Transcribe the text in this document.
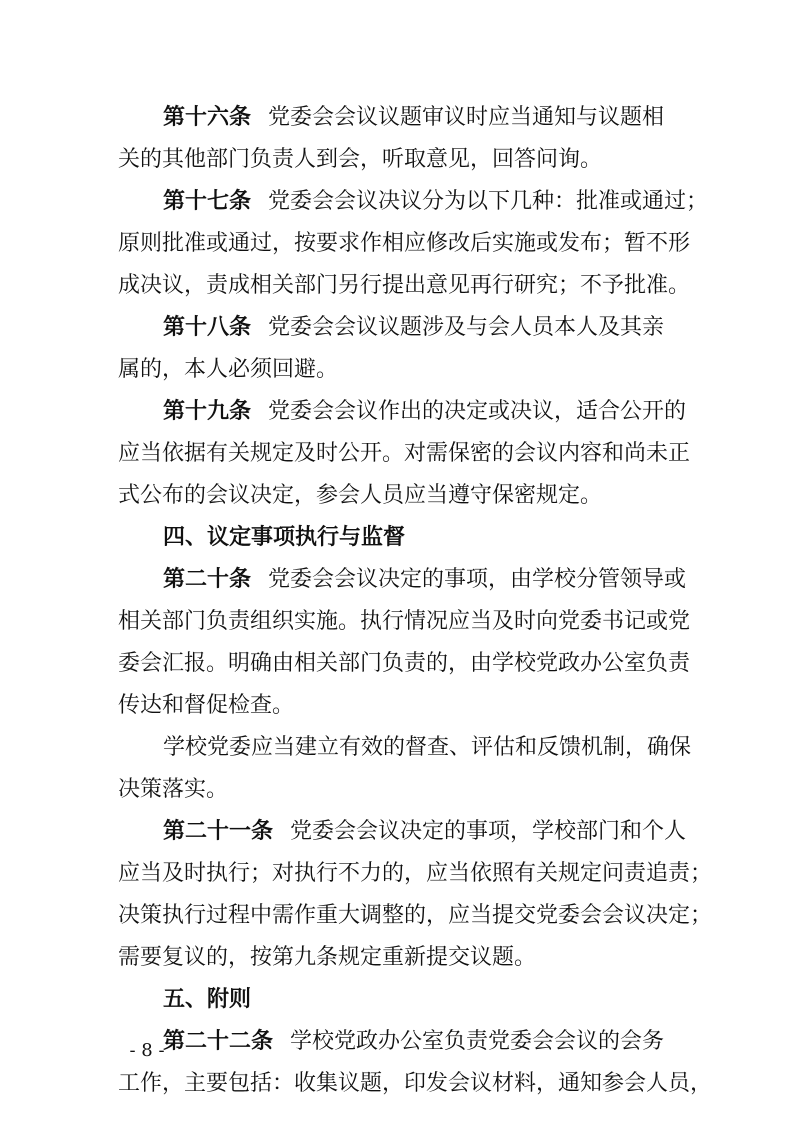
第十六条 党委会会议议题审议时应当通知与议题相
关的其他部门负责人到会，听取意见，回答问询。
第十七条 党委会会议决议分为以下几种：批准或通过；
原则批准或通过，按要求作相应修改后实施或发布；暂不形
成决议，责成相关部门另行提出意见再行研究；不予批准。
第十八条 党委会会议议题涉及与会人员本人及其亲
属的，本人必须回避。
第十九条 党委会会议作出的决定或决议，适合公开的
应当依据有关规定及时公开。对需保密的会议内容和尚未正
式公布的会议决定，参会人员应当遵守保密规定。
四、议定事项执行与监督
第二十条 党委会会议决定的事项，由学校分管领导或
相关部门负责组织实施。执行情况应当及时向党委书记或党
委会汇报。明确由相关部门负责的，由学校党政办公室负责
传达和督促检查。
学校党委应当建立有效的督查、评估和反馈机制，确保
决策落实。
第二十一条 党委会会议决定的事项，学校部门和个人
应当及时执行；对执行不力的，应当依照有关规定问责追责；
决策执行过程中需作重大调整的，应当提交党委会会议决定；
需要复议的，按第九条规定重新提交议题。
五、附则
第二十二条 学校党政办公室负责党委会会议的会务
工作，主要包括：收集议题，印发会议材料，通知参会人员，
- 8 -
